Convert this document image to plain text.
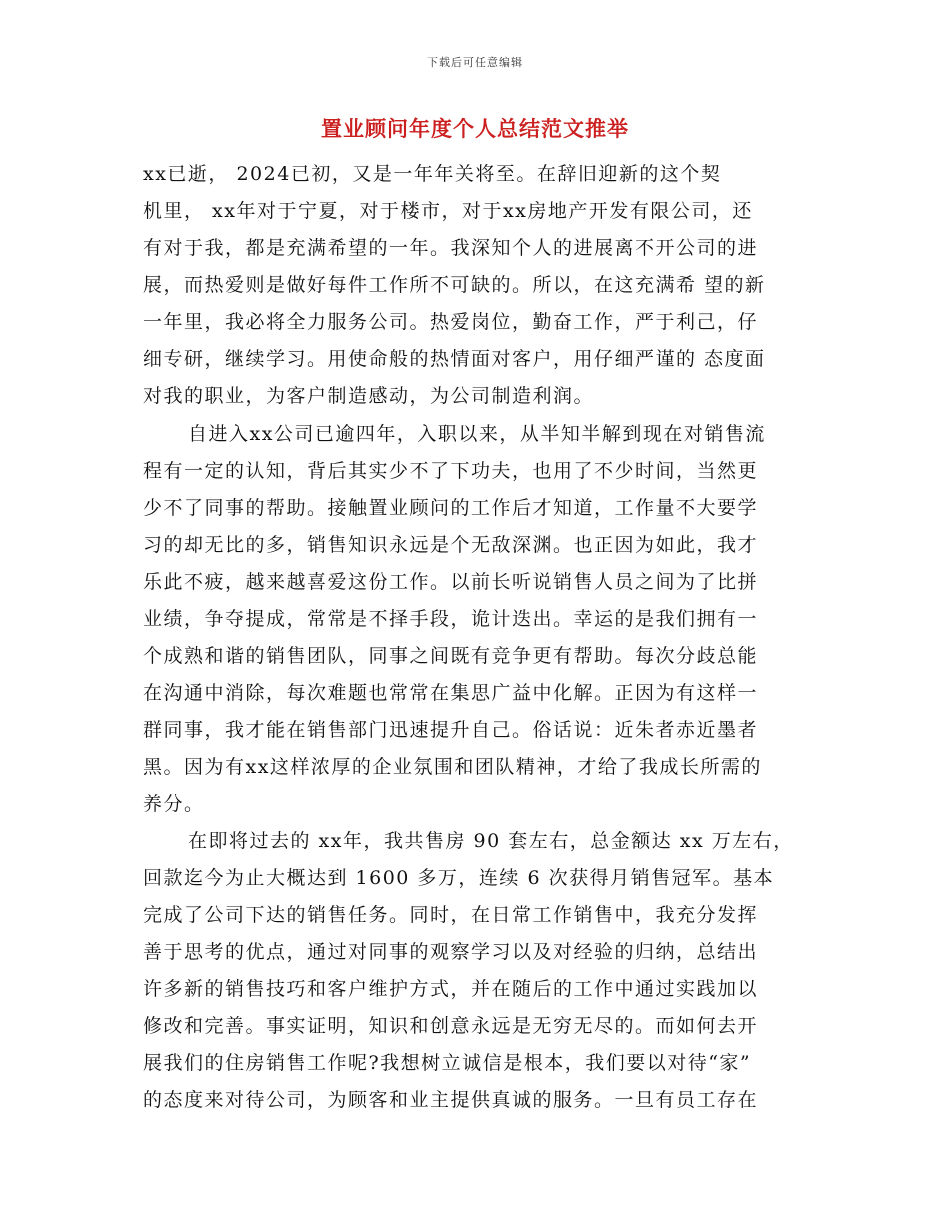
下载后可任意编辑
置业顾问年度个人总结范文推举
xx已逝， 2024已初，又是一年年关将至。在辞旧迎新的这个契
机里， xx年对于宁夏，对于楼市，对于xx房地产开发有限公司，还
有对于我，都是充满希望的一年。我深知个人的进展离不开公司的进
展，而热爱则是做好每件工作所不可缺的。所以，在这充满希 望的新
一年里，我必将全力服务公司。热爱岗位，勤奋工作，严于利己，仔
细专研，继续学习。用使命般的热情面对客户，用仔细严谨的 态度面
对我的职业，为客户制造感动，为公司制造利润。
自进入xx公司已逾四年，入职以来，从半知半解到现在对销售流
程有一定的认知，背后其实少不了下功夫，也用了不少时间，当然更
少不了同事的帮助。接触置业顾问的工作后才知道，工作量不大要学
习的却无比的多，销售知识永远是个无敌深渊。也正因为如此，我才
乐此不疲，越来越喜爱这份工作。以前长听说销售人员之间为了比拼
业绩，争夺提成，常常是不择手段，诡计迭出。幸运的是我们拥有一
个成熟和谐的销售团队，同事之间既有竞争更有帮助。每次分歧总能
在沟通中消除，每次难题也常常在集思广益中化解。正因为有这样一
群同事，我才能在销售部门迅速提升自己。俗话说：近朱者赤近墨者
黑。因为有xx这样浓厚的企业氛围和团队精神，才给了我成长所需的
养分。
在即将过去的 xx年，我共售房 90 套左右，总金额达 xx 万左右，
回款迄今为止大概达到 1600 多万，连续 6 次获得月销售冠军。基本
完成了公司下达的销售任务。同时，在日常工作销售中，我充分发挥
善于思考的优点，通过对同事的观察学习以及对经验的归纳，总结出
许多新的销售技巧和客户维护方式，并在随后的工作中通过实践加以
修改和完善。事实证明，知识和创意永远是无穷无尽的。而如何去开
展我们的住房销售工作呢?我想树立诚信是根本，我们要以对待“家”
的态度来对待公司，为顾客和业主提供真诚的服务。一旦有员工存在
